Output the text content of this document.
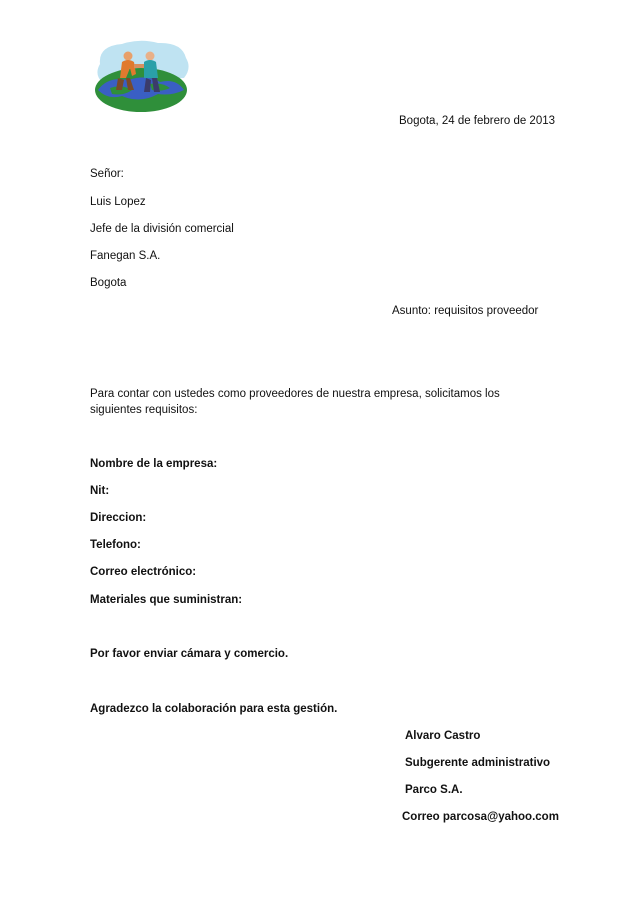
Bogota, 24 de febrero de 2013
Señor:
Luis Lopez
Jefe de la división comercial
Fanegan S.A.
Bogota
Asunto: requisitos proveedor
Para contar con ustedes como proveedores de nuestra empresa, solicitamos los siguientes requisitos:
Nombre de la empresa:
Nit:
Direccion:
Telefono:
Correo electrónico:
Materiales que suministran:
Por favor enviar cámara y comercio.
Agradezco la colaboración para esta gestión.
Alvaro Castro
Subgerente administrativo
Parco S.A.
Correo parcosa@yahoo.com
